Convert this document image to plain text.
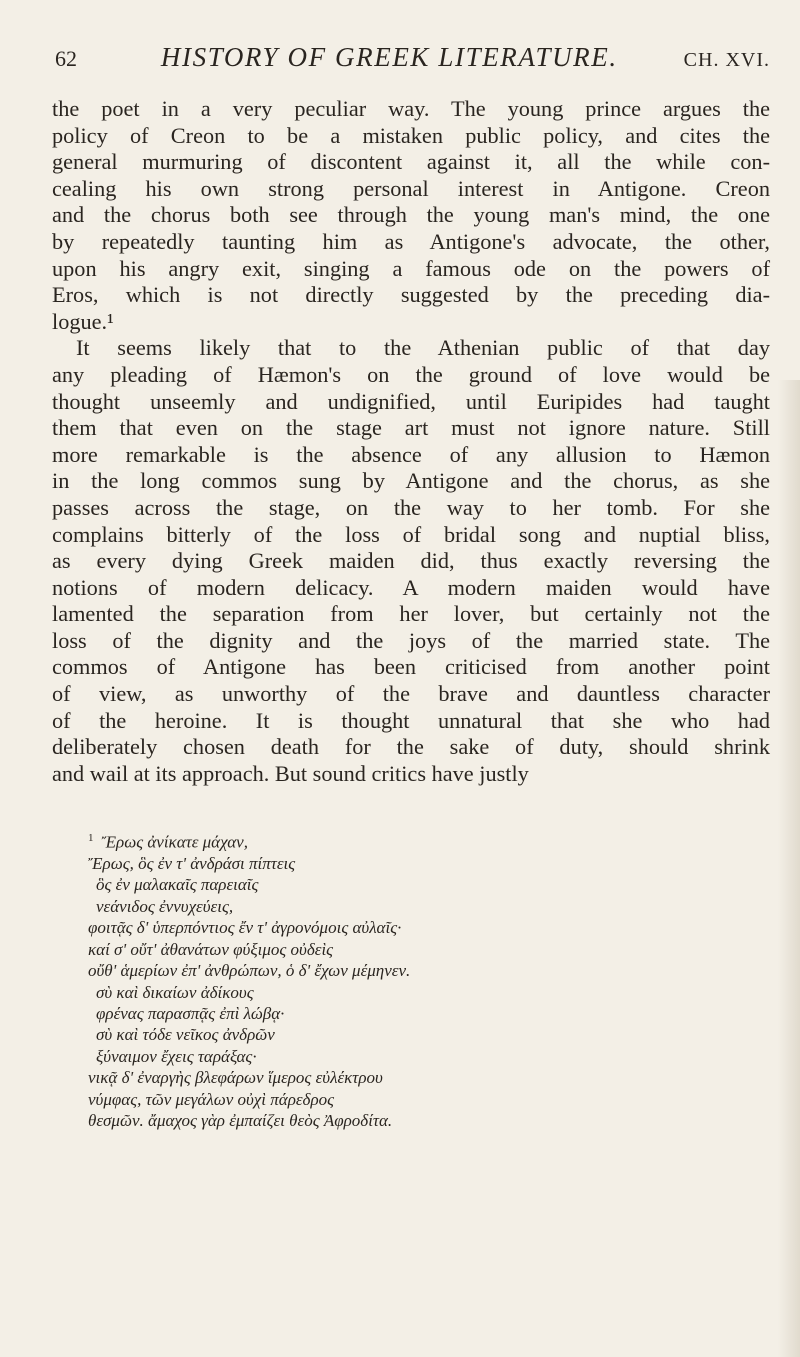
62	HISTORY OF GREEK LITERATURE.	CH. XVI.

the poet in a very peculiar way. The young prince argues the
policy of Creon to be a mistaken public policy, and cites the
general murmuring of discontent against it, all the while con-
cealing his own strong personal interest in Antigone. Creon
and the chorus both see through the young man's mind, the one
by repeatedly taunting him as Antigone's advocate, the other,
upon his angry exit, singing a famous ode on the powers of
Eros, which is not directly suggested by the preceding dia-
logue.¹

It seems likely that to the Athenian public of that day
any pleading of Hæmon's on the ground of love would be
thought unseemly and undignified, until Euripides had taught
them that even on the stage art must not ignore nature. Still
more remarkable is the absence of any allusion to Hæmon
in the long commos sung by Antigone and the chorus, as she
passes across the stage, on the way to her tomb. For she
complains bitterly of the loss of bridal song and nuptial bliss,
as every dying Greek maiden did, thus exactly reversing the
notions of modern delicacy. A modern maiden would have
lamented the separation from her lover, but certainly not the
loss of the dignity and the joys of the married state. The
commos of Antigone has been criticised from another point
of view, as unworthy of the brave and dauntless character
of the heroine. It is thought unnatural that she who had
deliberately chosen death for the sake of duty, should shrink
and wail at its approach. But sound critics have justly

$^1$ Ἔρως ἀνίκατε μάχαν,
Ἔρως, ὃς ἐν τ' ἀνδράσι πίπτεις
ὃς ἐν μαλακαῖς παρειαῖς
νεάνιδος ἐννυχεύεις,
φοιτᾷς δ' ὑπερπόντιος ἔν τ' ἀγρονόμοις αὐλαῖς·
καί σ' οὔτ' ἀθανάτων φύξιμος οὐδεὶς
οὔθ' ἁμερίων ἐπ' ἀνθρώπων, ὁ δ' ἔχων μέμηνεν.
σὺ καὶ δικαίων ἀδίκους
φρένας παρασπᾷς ἐπὶ λώβᾳ·
σὺ καὶ τόδε νεῖκος ἀνδρῶν
ξύναιμον ἔχεις ταράξας·
νικᾷ δ' ἐναργὴς βλεφάρων ἵμερος εὐλέκτρου
νύμφας, τῶν μεγάλων οὐχὶ πάρεδρος
θεσμῶν. ἄμαχος γὰρ ἐμπαίζει θεὸς Ἀφροδίτα.
